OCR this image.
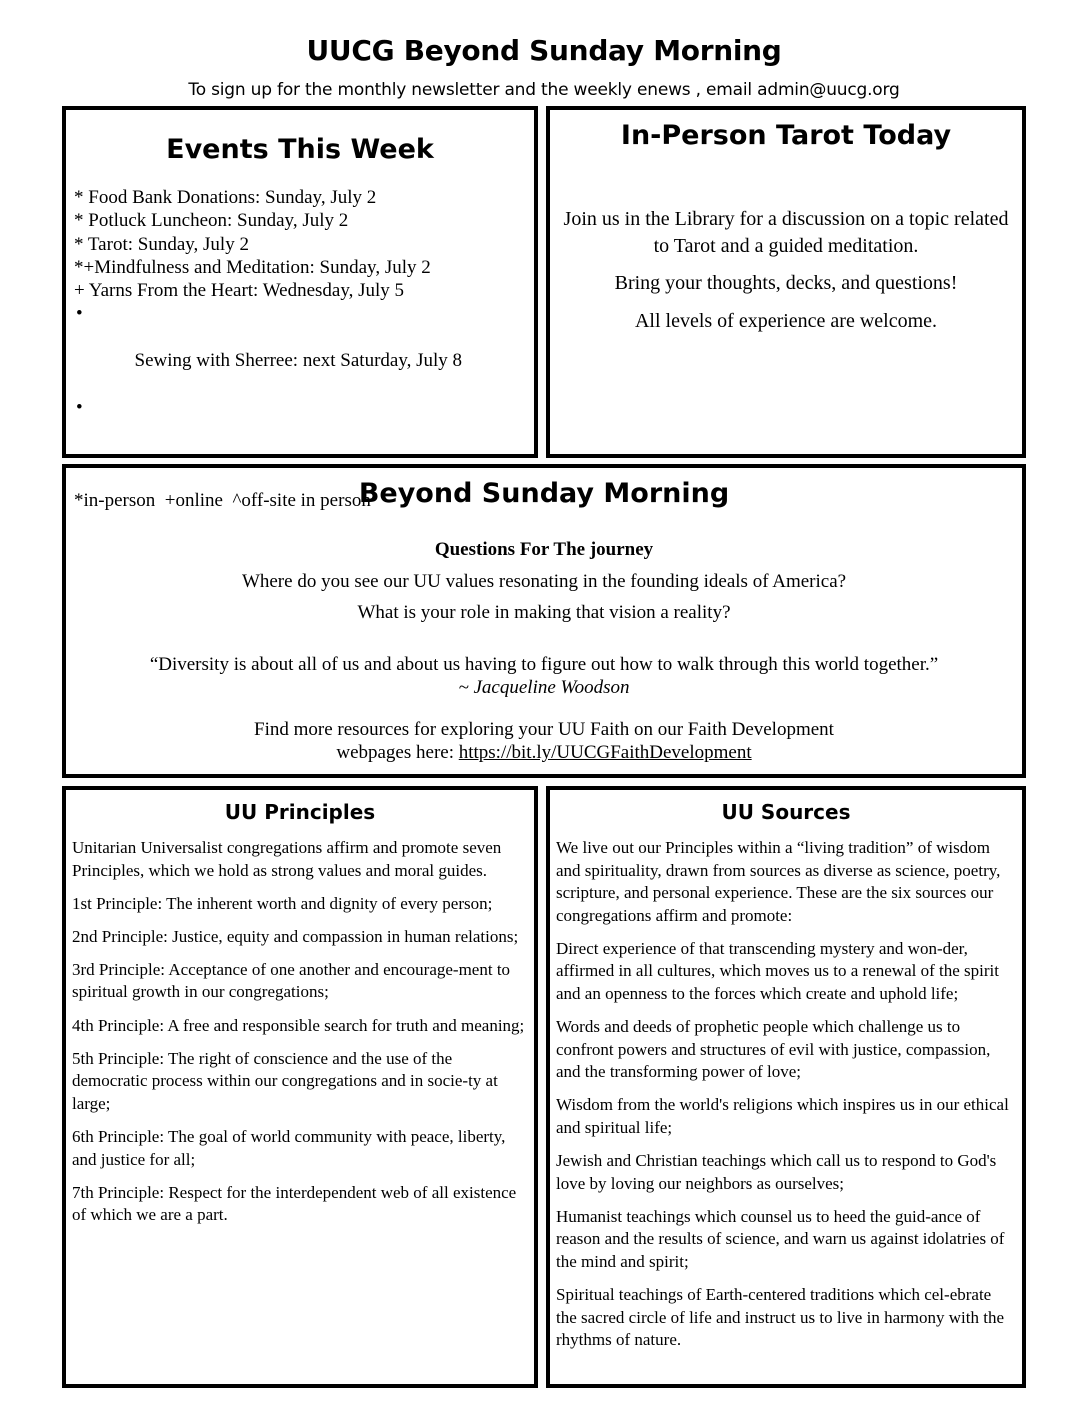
UUCG Beyond Sunday Morning
To sign up for the monthly newsletter and the weekly enews , email admin@uucg.org
Events This Week
* Food Bank Donations: Sunday, July 2
* Potluck Luncheon: Sunday, July 2
* Tarot: Sunday, July 2
*+Mindfulness and Meditation: Sunday, July 2
+ Yarns From the Heart: Wednesday, July 5

•

Sewing with Sherree: next Saturday, July 8

•

*in-person  +online  ^off-site in person
In-Person Tarot Today

Join us in the Library for a discussion on a topic related to Tarot and a guided meditation.

Bring your thoughts, decks, and questions!

All levels of experience are welcome.

Beyond Sunday Morning
Questions For The journey
Where do you see our UU values resonating in the founding ideals of America?
What is your role in making that vision a reality?
“Diversity is about all of us and about us having to figure out how to walk through this world together.”
~ Jacqueline Woodson
Find more resources for exploring your UU Faith on our Faith Development
webpages here: https://bit.ly/UUCGFaithDevelopment
UU Principles

Unitarian Universalist congregations affirm and promote seven Principles, which we hold as strong values and moral guides.

1st Principle: The inherent worth and dignity of every person;

2nd Principle: Justice, equity and compassion in human relations;

3rd Principle: Acceptance of one another and encourage-ment to spiritual growth in our congregations;

4th Principle: A free and responsible search for truth and meaning;

5th Principle: The right of conscience and the use of the democratic process within our congregations and in socie-ty at large;

6th Principle: The goal of world community with peace, liberty, and justice for all;

7th Principle: Respect for the interdependent web of all existence of which we are a part.

UU Sources

We live out our Principles within a “living tradition” of wisdom and spirituality, drawn from sources as diverse as science, poetry, scripture, and personal experience. These are the six sources our congregations affirm and promote:

Direct experience of that transcending mystery and won-der, affirmed in all cultures, which moves us to a renewal of the spirit and an openness to the forces which create and uphold life;

Words and deeds of prophetic people which challenge us to confront powers and structures of evil with justice, compassion, and the transforming power of love;

Wisdom from the world's religions which inspires us in our ethical and spiritual life;

Jewish and Christian teachings which call us to respond to God's love by loving our neighbors as ourselves;

Humanist teachings which counsel us to heed the guid-ance of reason and the results of science, and warn us against idolatries of the mind and spirit;

Spiritual teachings of Earth-centered traditions which cel-ebrate the sacred circle of life and instruct us to live in harmony with the rhythms of nature.
